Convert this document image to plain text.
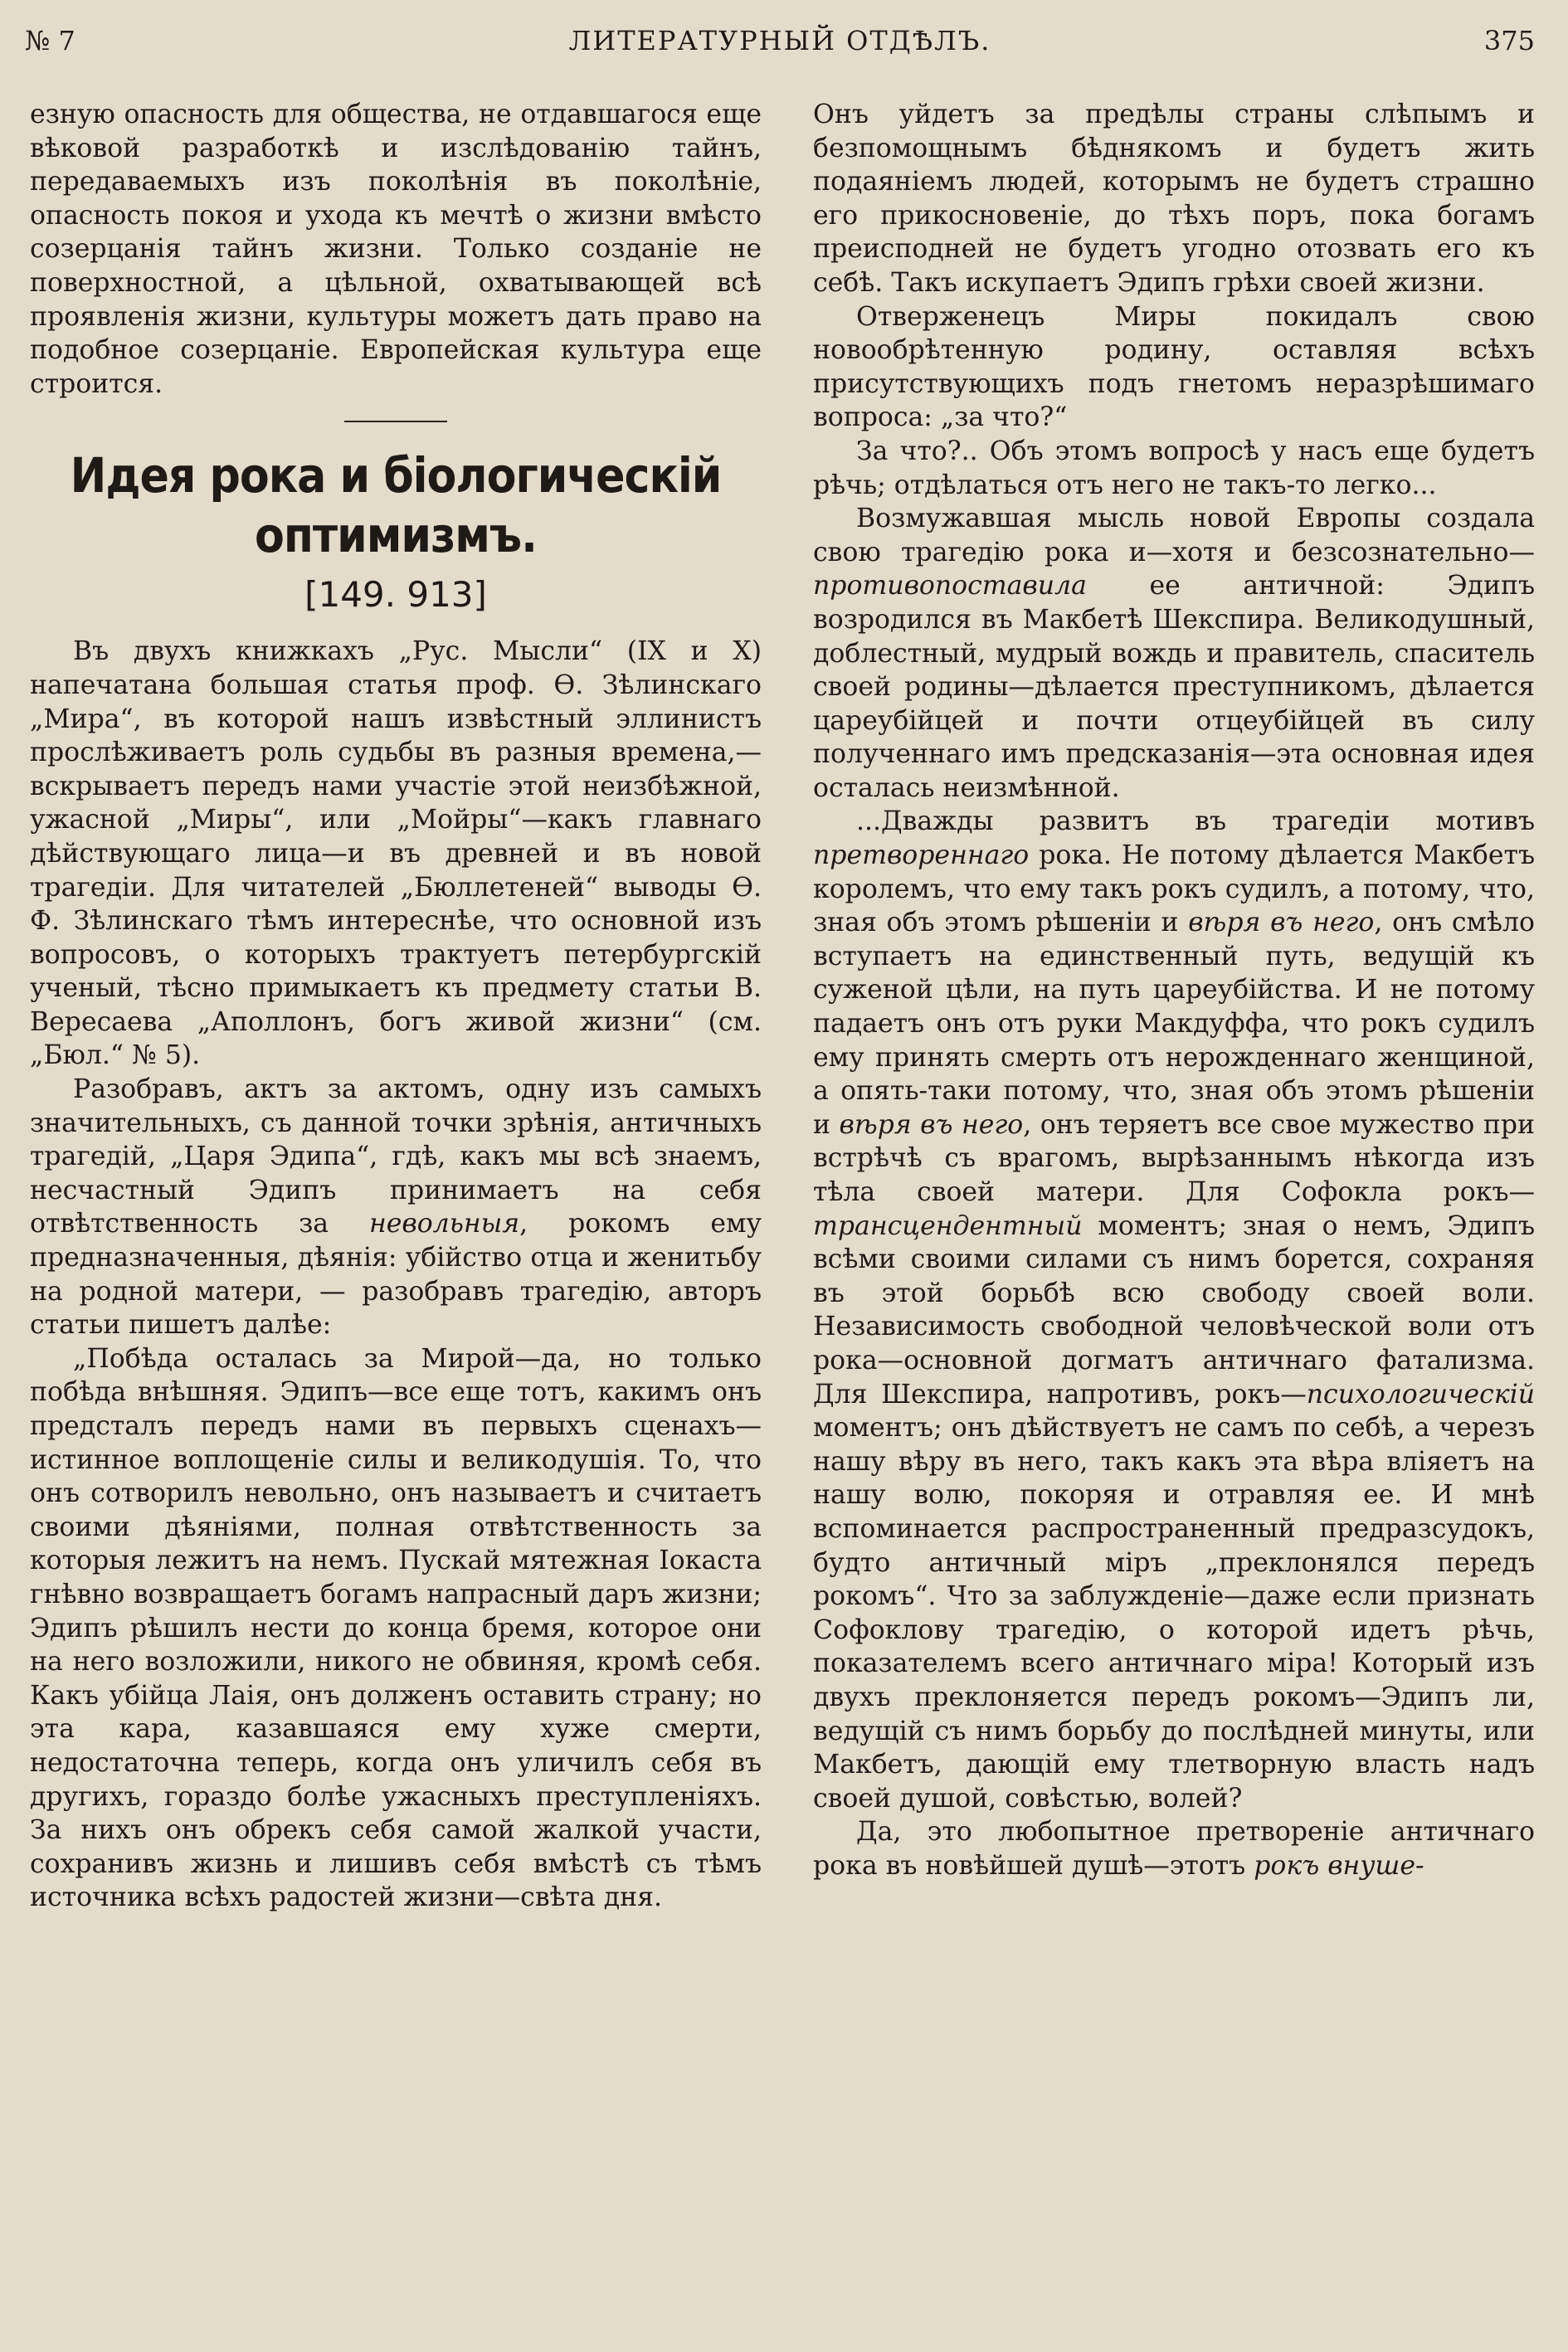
№ 7	ЛИТЕРАТУРНЫЙ ОТДѢЛЪ.	375

езную опасность для общества, не отдавшагося еще вѣковой разработкѣ и изслѣдованію тайнъ, передаваемыхъ изъ поколѣнія въ поколѣніе, опасность покоя и ухода къ мечтѣ о жизни вмѣсто созерцанія тайнъ жизни. Только созданіе не поверхностной, а цѣльной, охватывающей всѣ проявленія жизни, культуры можетъ дать право на подобное созерцаніе. Европейская культура еще строится.

Идея рока и біологическій
оптимизмъ.
[149. 913]

Въ двухъ книжкахъ „Рус. Мысли“ (IX и X) напечатана большая статья проф. Ѳ. Зѣлинскаго „Мира“, въ которой нашъ извѣстный эллинистъ прослѣживаетъ роль судьбы въ разныя времена,—вскрываетъ передъ нами участіе этой неизбѣжной, ужасной „Миры“, или „Мойры“—какъ главнаго дѣйствующаго лица—и въ древней и въ новой трагедіи. Для читателей „Бюллетеней“ выводы Ѳ. Ф. Зѣлинскаго тѣмъ интереснѣе, что основной изъ вопросовъ, о которыхъ трактуетъ петербургскій ученый, тѣсно примыкаетъ къ предмету статьи В. Вересаева „Аполлонъ, богъ живой жизни“ (см. „Бюл.“ № 5).

Разобравъ, актъ за актомъ, одну изъ самыхъ значительныхъ, съ данной точки зрѣнія, античныхъ трагедій, „Царя Эдипа“, гдѣ, какъ мы всѣ знаемъ, несчастный Эдипъ принимаетъ на себя отвѣтственность за невольныя, рокомъ ему предназначенныя, дѣянія: убійство отца и женитьбу на родной матери, — разобравъ трагедію, авторъ статьи пишетъ далѣе:

„Побѣда осталась за Мирой—да, но только побѣда внѣшняя. Эдипъ—все еще тотъ, какимъ онъ предсталъ передъ нами въ первыхъ сценахъ—истинное воплощеніе силы и великодушія. То, что онъ сотворилъ невольно, онъ называетъ и считаетъ своими дѣяніями, полная отвѣтственность за которыя лежитъ на немъ. Пускай мятежная Іокаста гнѣвно возвращаетъ богамъ напрасный даръ жизни; Эдипъ рѣшилъ нести до конца бремя, которое они на него возложили, никого не обвиняя, кромѣ себя. Какъ убійца Лаія, онъ долженъ оставить страну; но эта кара, казавшаяся ему хуже смерти, недостаточна теперь, когда онъ уличилъ себя въ другихъ, гораздо болѣе ужасныхъ преступленіяхъ. За нихъ онъ обрекъ себя самой жалкой участи, сохранивъ жизнь и лишивъ себя вмѣстѣ съ тѣмъ источника всѣхъ радостей жизни—свѣта дня.

Онъ уйдетъ за предѣлы страны слѣпымъ и безпомощнымъ бѣднякомъ и будетъ жить подаяніемъ людей, которымъ не будетъ страшно его прикосновеніе, до тѣхъ поръ, пока богамъ преисподней не будетъ угодно отозвать его къ себѣ. Такъ искупаетъ Эдипъ грѣхи своей жизни.

Отверженецъ Миры покидалъ свою новообрѣтенную родину, оставляя всѣхъ присутствующихъ подъ гнетомъ неразрѣшимаго вопроса: „за что?“

За что?.. Объ этомъ вопросѣ у насъ еще будетъ рѣчь; отдѣлаться отъ него не такъ-то легко...

Возмужавшая мысль новой Европы создала свою трагедію рока и—хотя и безсознательно—противопоставила ее античной: Эдипъ возродился въ Макбетѣ Шекспира. Великодушный, доблестный, мудрый вождь и правитель, спаситель своей родины—дѣлается преступникомъ, дѣлается цареубійцей и почти отцеубійцей въ силу полученнаго имъ предсказанія—эта основная идея осталась неизмѣнной.

...Дважды развитъ въ трагедіи мотивъ претвореннаго рока. Не потому дѣлается Макбетъ королемъ, что ему такъ рокъ судилъ, а потому, что, зная объ этомъ рѣшеніи и вѣря въ него, онъ смѣло вступаетъ на единственный путь, ведущій къ суженой цѣли, на путь цареубійства. И не потому падаетъ онъ отъ руки Макдуффа, что рокъ судилъ ему принять смерть отъ нерожденнаго женщиной, а опять-таки потому, что, зная объ этомъ рѣшеніи и вѣря въ него, онъ теряетъ все свое мужество при встрѣчѣ съ врагомъ, вырѣзаннымъ нѣкогда изъ тѣла своей матери. Для Софокла рокъ—трансцендентный моментъ; зная о немъ, Эдипъ всѣми своими силами съ нимъ борется, сохраняя въ этой борьбѣ всю свободу своей воли. Независимость свободной человѣческой воли отъ рока—основной догматъ античнаго фатализма. Для Шекспира, напротивъ, рокъ—психологическій моментъ; онъ дѣйствуетъ не самъ по себѣ, а черезъ нашу вѣру въ него, такъ какъ эта вѣра вліяетъ на нашу волю, покоряя и отравляя ее. И мнѣ вспоминается распространенный предразсудокъ, будто античный міръ „преклонялся передъ рокомъ“. Что за заблужденіе—даже если признать Софоклову трагедію, о которой идетъ рѣчь, показателемъ всего античнаго міра! Который изъ двухъ преклоняется передъ рокомъ—Эдипъ ли, ведущій съ нимъ борьбу до послѣдней минуты, или Макбетъ, дающій ему тлетворную власть надъ своей душой, совѣстью, волей?

Да, это любопытное претвореніе античнаго рока въ новѣйшей душѣ—этотъ рокъ внуше-
